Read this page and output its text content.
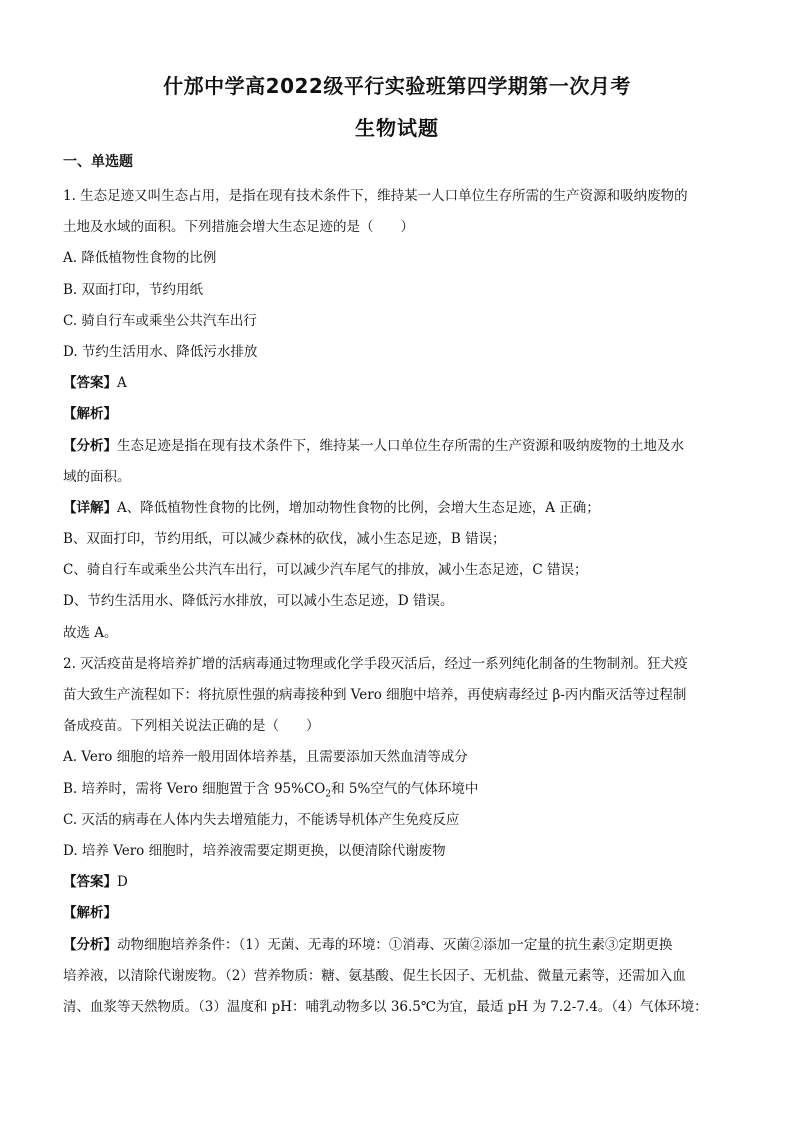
什邡中学高2022级平行实验班第四学期第一次月考
生物试题
一、单选题
1. 生态足迹又叫生态占用，是指在现有技术条件下，维持某一人口单位生存所需的生产资源和吸纳废物的
土地及水域的面积。下列措施会增大生态足迹的是（　　）
A. 降低植物性食物的比例
B. 双面打印，节约用纸
C. 骑自行车或乘坐公共汽车出行
D. 节约生活用水、降低污水排放
【答案】A
【解析】
【分析】生态足迹是指在现有技术条件下，维持某一人口单位生存所需的生产资源和吸纳废物的土地及水
域的面积。
【详解】A、降低植物性食物的比例，增加动物性食物的比例，会增大生态足迹，A 正确；
B、双面打印，节约用纸，可以减少森林的砍伐，减小生态足迹，B 错误；
C、骑自行车或乘坐公共汽车出行，可以减少汽车尾气的排放，减小生态足迹，C 错误；
D、节约生活用水、降低污水排放，可以减小生态足迹，D 错误。
故选 A。
2. 灭活疫苗是将培养扩增的活病毒通过物理或化学手段灭活后，经过一系列纯化制备的生物制剂。狂犬疫
苗大致生产流程如下：将抗原性强的病毒接种到 Vero 细胞中培养，再使病毒经过 β-丙内酯灭活等过程制
备成疫苗。下列相关说法正确的是（　　）
A. Vero 细胞的培养一般用固体培养基，且需要添加天然血清等成分
B. 培养时，需将 Vero 细胞置于含 $95\%CO_2$和 5%空气的气体环境中
C. 灭活的病毒在人体内失去增殖能力，不能诱导机体产生免疫反应
D. 培养 Vero 细胞时，培养液需要定期更换，以便清除代谢废物
【答案】D
【解析】
【分析】动物细胞培养条件：（1）无菌、无毒的环境：①消毒、灭菌②添加一定量的抗生素③定期更换
培养液，以清除代谢废物。（2）营养物质：糖、氨基酸、促生长因子、无机盐、微量元素等，还需加入血
清、血浆等天然物质。（3）温度和 pH：哺乳动物多以 36.5℃为宜，最适 pH 为 7.2-7.4。（4）气体环境：
